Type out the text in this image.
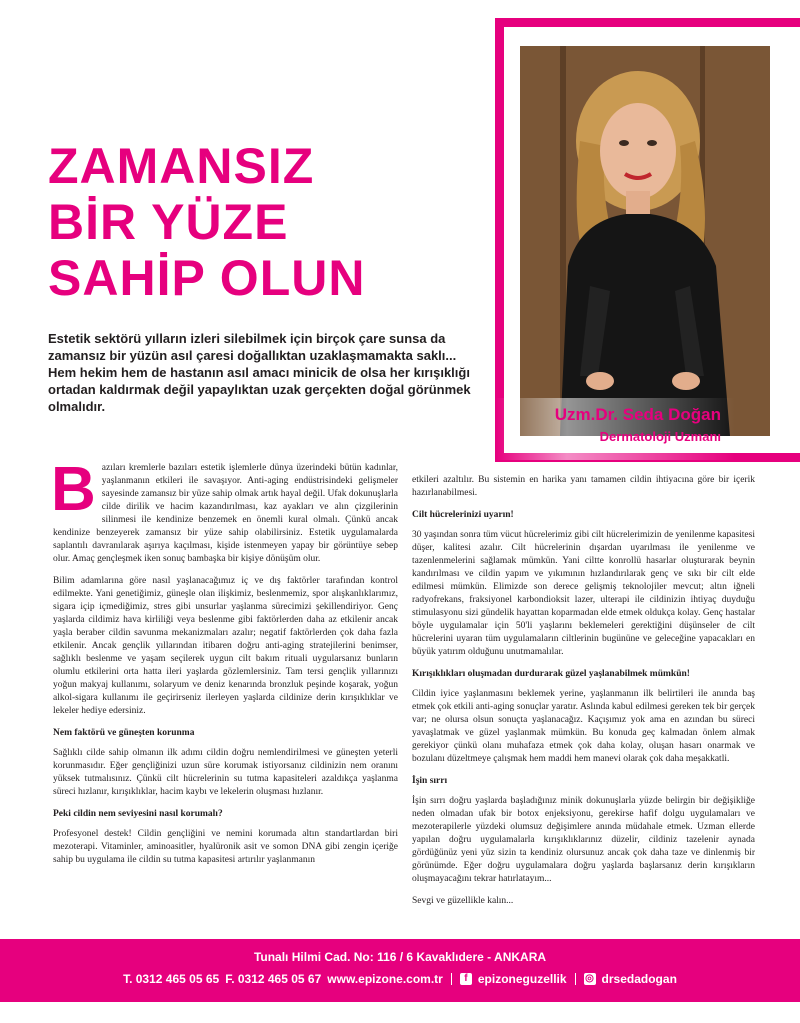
ZAMANSIZ
BİR YÜZE
SAHİP OLUN

Estetik sektörü yılların izleri silebilmek için birçok çare sunsa da zamansız bir yüzün asıl çaresi doğallıktan uzaklaşmamakta saklı... Hem hekim hem de hastanın asıl amacı minicik de olsa her kırışıklığı ortadan kaldırmak değil yapaylıktan uzak gerçekten doğal görünmek olmalıdır.	Uzm.Dr. Seda Doğan
Dermatoloji Uzmanı

Bazıları kremlerle bazıları estetik işlemlerle dünya üzerindeki bütün kadınlar, yaşlanmanın etkileri ile savaşıyor. Anti-aging endüstrisindeki gelişmeler sayesinde zamansız bir yüze sahip olmak artık hayal değil. Ufak dokunuşlarla cilde dirilik ve hacim kazandırılması, kaz ayakları ve alın çizgilerinin silinmesi ile kendinize benzemek en önemli kural olmalı. Çünkü ancak kendinize benzeyerek zamansız bir yüze sahip olabilirsiniz. Estetik uygulamalarda saplantılı davranılarak aşırıya kaçılması, kişide istenmeyen yapay bir görüntüye sebep olur. Amaç gençleşmek iken sonuç bambaşka bir kişiye dönüşüm olur.

Bilim adamlarına göre nasıl yaşlanacağımız iç ve dış faktörler tarafından kontrol edilmekte. Yani genetiğimiz, güneşle olan ilişkimiz, beslenmemiz, spor alışkanlıklarımız, sigara içip içmediğimiz, stres gibi unsurlar yaşlanma sürecimizi şekillendiriyor. Genç yaşlarda cildimiz hava kirliliği veya beslenme gibi faktörlerden daha az etkilenir ancak yaşla beraber cildin savunma mekanizmaları azalır; negatif faktörlerden çok daha fazla etkilenir. Ancak gençlik yıllarından itibaren doğru anti-aging stratejilerini benimser, sağlıklı beslenme ve yaşam seçilerek uygun cilt bakım rituali uygularsanız bunların olumlu etkilerini orta hatta ileri yaşlarda gözlemlersiniz. Tam tersi gençlik yıllarınızı yoğun makyaj kullanımı, solaryum ve deniz kenarında bronzluk peşinde koşarak, yoğun alkol-sigara kullanımı ile geçirirseniz ilerleyen yaşlarda cildinize derin kırışıklıklar ve lekeler hediye edersiniz.

Nem faktörü ve güneşten korunma

Sağlıklı cilde sahip olmanın ilk adımı cildin doğru nemlendirilmesi ve güneşten yeterli korunmasıdır. Eğer gençliğinizi uzun süre korumak istiyorsanız cildinizin nem oranını yüksek tutmalısınız. Çünkü cilt hücrelerinin su tutma kapasiteleri azaldıkça yaşlanma süreci hızlanır, kırışıklıklar, hacim kaybı ve lekelerin oluşması hızlanır.

Peki cildin nem seviyesini nasıl korumalı?

Profesyonel destek! Cildin gençliğini ve nemini korumada altın standartlardan biri mezoterapi. Vitaminler, aminoasitler, hyalüronik asit ve somon DNA gibi zengin içeriğe sahip bu uygulama ile cildin su tutma kapasitesi artırılır yaşlanmanın

etkileri azaltılır. Bu sistemin en harika yanı tamamen cildin ihtiyacına göre bir içerik hazırlanabilmesi.

Cilt hücrelerinizi uyarın!

30 yaşından sonra tüm vücut hücrelerimiz gibi cilt hücrelerimizin de yenilenme kapasitesi düşer, kalitesi azalır. Cilt hücrelerinin dışardan uyarılması ile yenilenme ve tazenlenmelerini sağlamak mümkün. Yani ciltte konrollü hasarlar oluşturarak beynin kandırılması ve cildin yapım ve yıkımının hızlandırılarak genç ve sıkı bir cilt elde edilmesi mümkün. Elimizde son derece gelişmiş teknolojiler mevcut; altın iğneli radyofrekans, fraksiyonel karbondioksit lazer, ulterapi ile cildinizin ihtiyaç duyduğu stimulasyonu sizi gündelik hayattan koparmadan elde etmek oldukça kolay. Genç hastalar böyle uygulamalar için 50'li yaşlarını beklemeleri gerektiğini düşünseler de cilt hücrelerini uyaran tüm uygulamaların ciltlerinin bugününe ve geleceğine yapacakları en büyük yatırım olduğunu unutmamalılar.

Kırışıklıkları oluşmadan durdurarak güzel yaşlanabilmek mümkün!

Cildin iyice yaşlanmasını beklemek yerine, yaşlanmanın ilk belirtileri ile anında baş etmek çok etkili anti-aging sonuçlar yaratır. Aslında kabul edilmesi gereken tek bir gerçek var; ne olursa olsun sonuçta yaşlanacağız. Kaçışımız yok ama en azından bu süreci yavaşlatmak ve güzel yaşlanmak mümkün. Bu konuda geç kalmadan önlem almak gerekiyor çünkü olanı muhafaza etmek çok daha kolay, oluşan hasarı onarmak ve bozulanı düzeltmeye çalışmak hem maddi hem manevi olarak çok daha meşakkatli.

İşin sırrı

İşin sırrı doğru yaşlarda başladığınız minik dokunuşlarla yüzde belirgin bir değişikliğe neden olmadan ufak bir botox enjeksiyonu, gerekirse hafif dolgu uygulamaları ve mezoterapilerle yüzdeki olumsuz değişimlere anında müdahale etmek. Uzman ellerde yapılan doğru uygulamalarla kırışıklıklarınız düzelir, cildiniz tazelenir aynada gördüğünüz yeni yüz sizin ta kendiniz olursunuz ancak çok daha taze ve dinlenmiş bir görünümde. Eğer doğru uygulamalara doğru yaşlarda başlarsanız derin kırışıkların oluşmayacağını tekrar hatırlatayım...

Sevgi ve güzellikle kalın...

Tunalı Hilmi Cad. No: 116 / 6 Kavaklıdere - ANKARA
T. 0312 465 05 65 F. 0312 465 05 67 www.epizone.com.tr	f epizoneguzellik ◎ drsedadogan
